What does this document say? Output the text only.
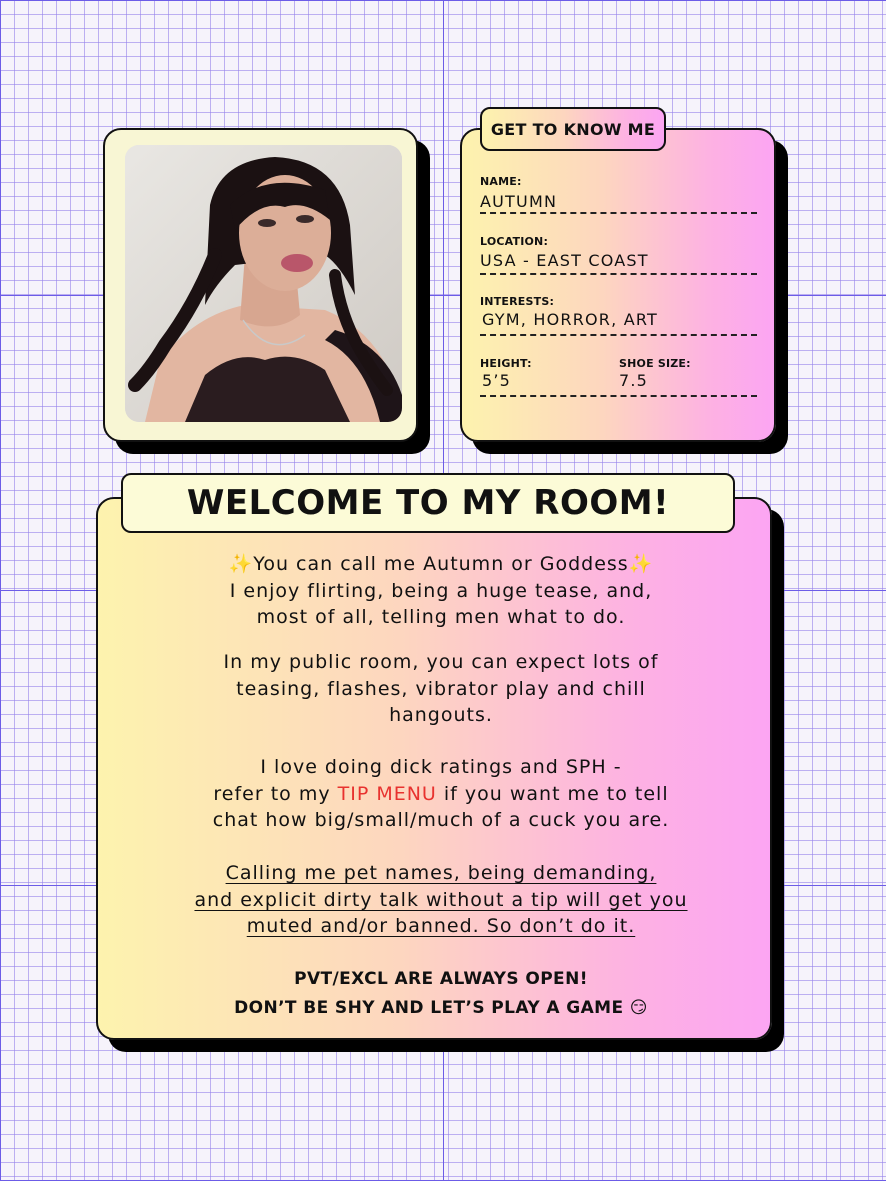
GET TO KNOW ME
NAME:
AUTUMN
LOCATION:
USA - EAST COAST
INTERESTS:
GYM, HORROR, ART
HEIGHT:
5’5
SHOE SIZE:
7.5
WELCOME TO MY ROOM!
✨You can call me Autumn or Goddess✨
I enjoy flirting, being a huge tease, and,
most of all, telling men what to do.
In my public room, you can expect lots of
teasing, flashes, vibrator play and chill
hangouts.
I love doing dick ratings and SPH -
refer to my TIP MENU if you want me to tell
chat how big/small/much of a cuck you are.
Calling me pet names, being demanding,
and explicit dirty talk without a tip will get you
muted and/or banned. So don’t do it.
PVT/EXCL ARE ALWAYS OPEN!
DON’T BE SHY AND LET’S PLAY A GAME 😏
